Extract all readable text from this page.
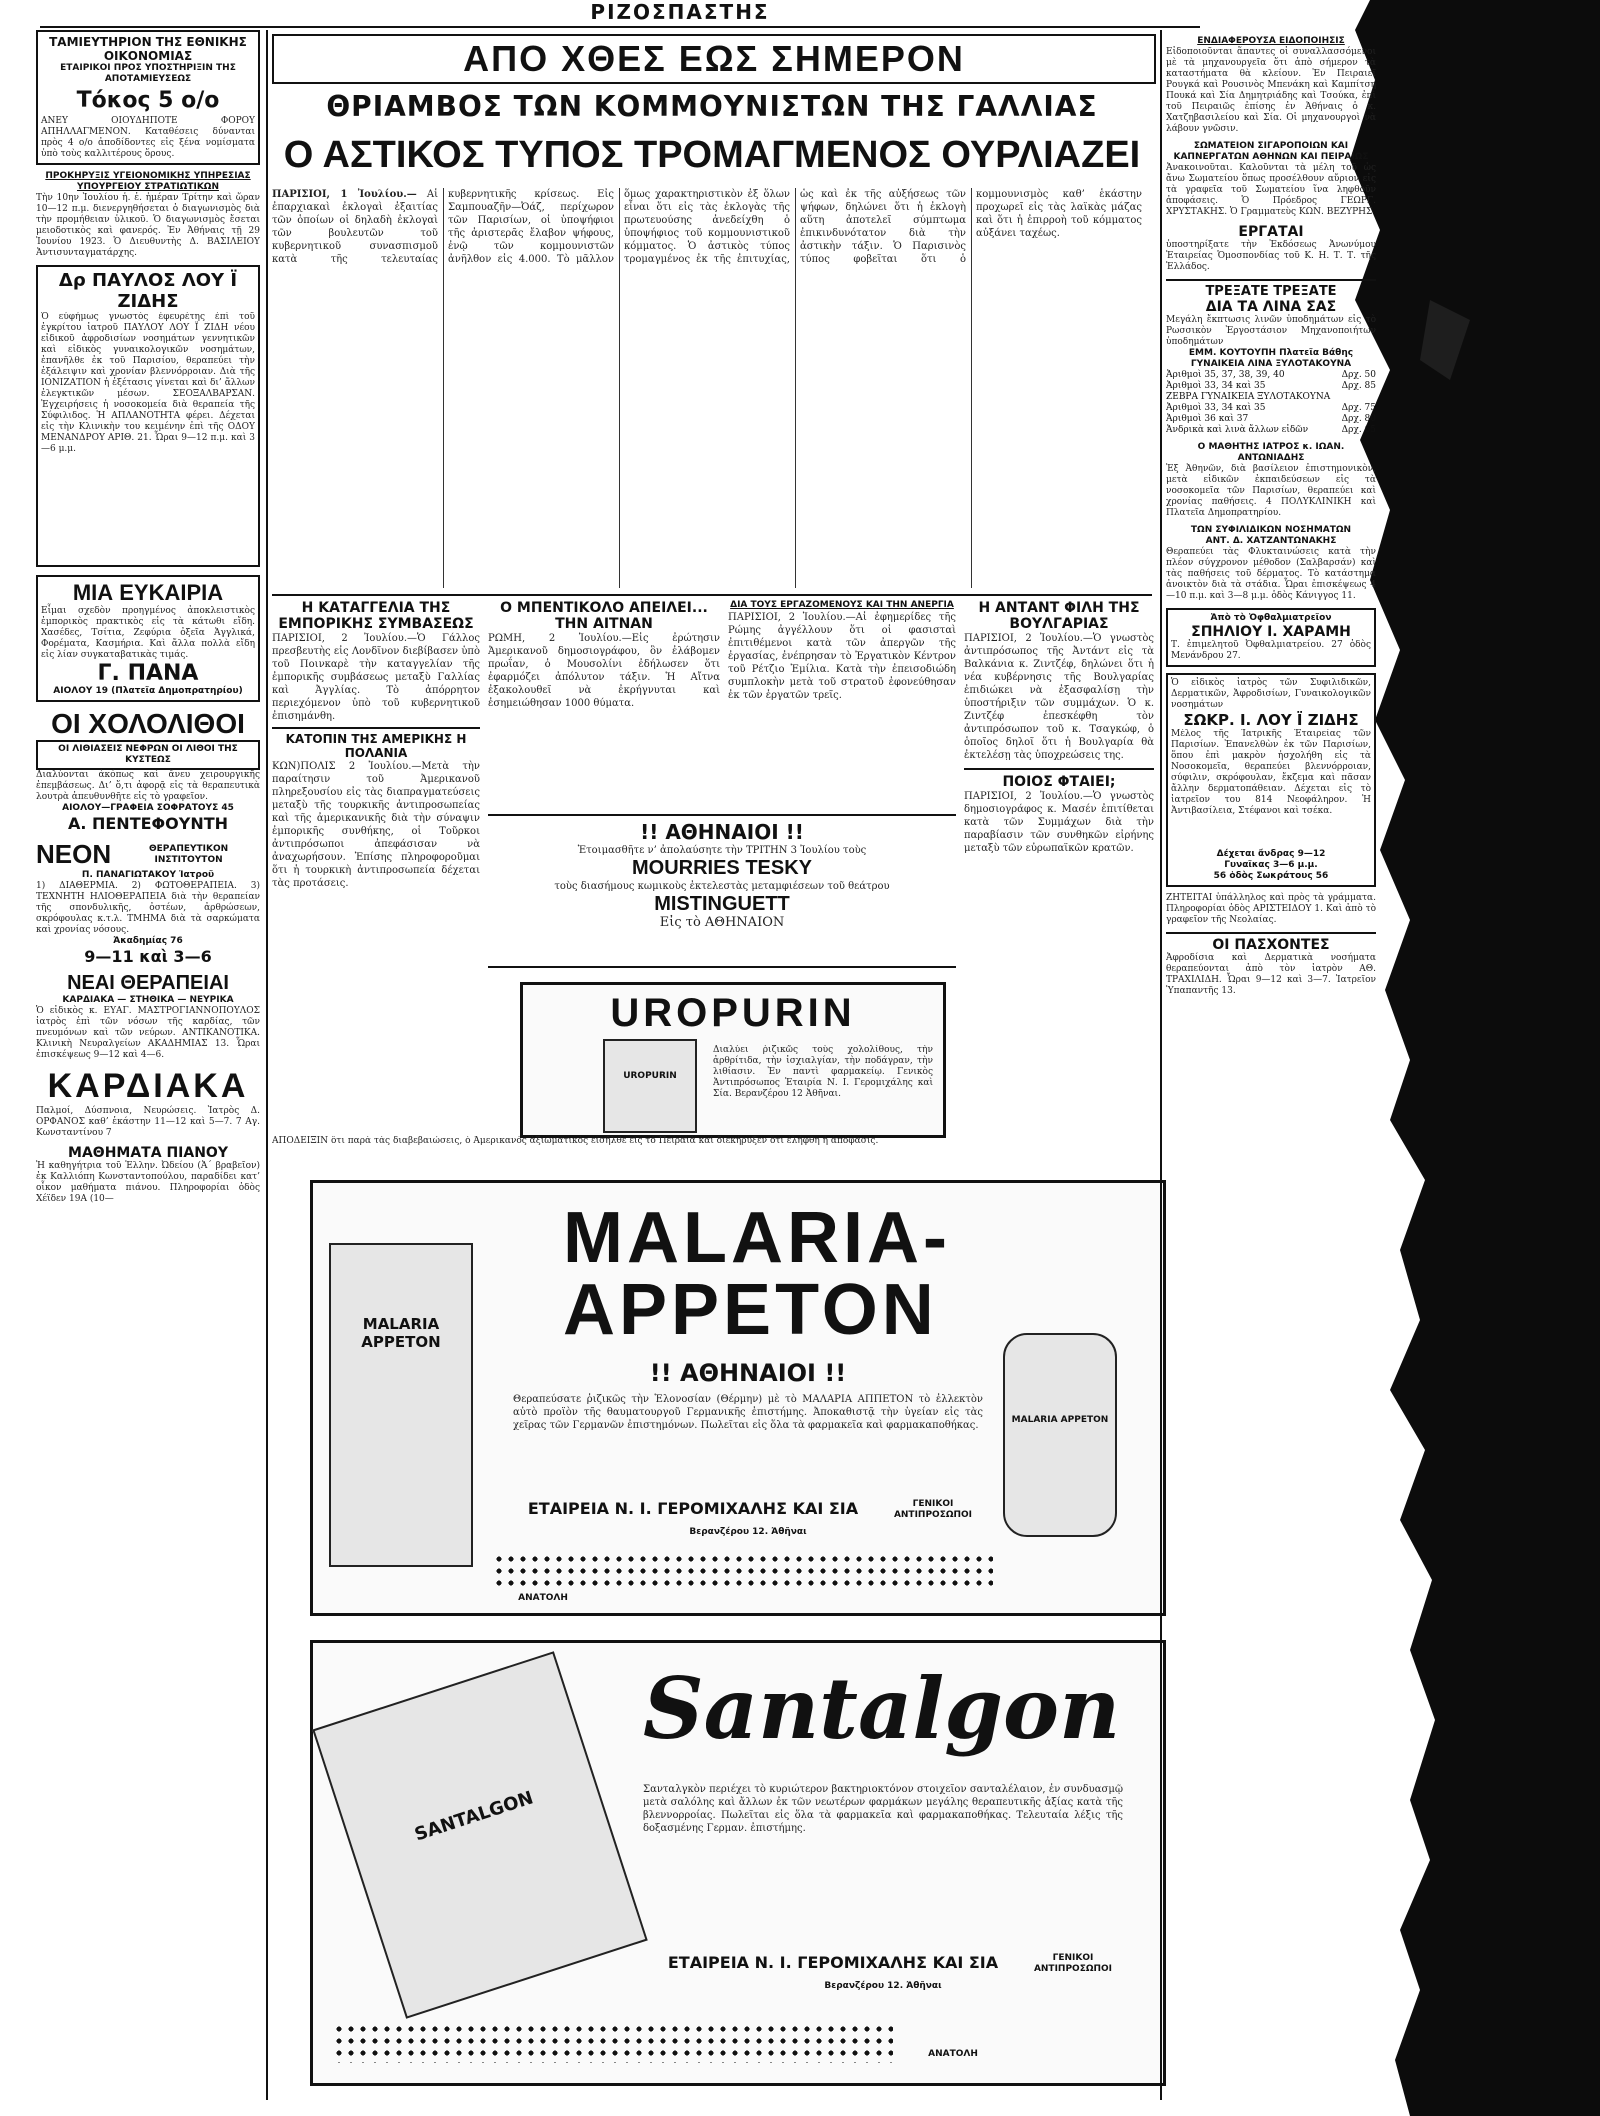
ΡΙΖΟΣΠΑΣΤΗΣ
ΤΑΜΙΕΥΤΗΡΙΟΝ ΤΗΣ ΕΘΝΙΚΗΣ ΟΙΚΟΝΟΜΙΑΣ
ΕΤΑΙΡΙΚΟΙ ΠΡΟΣ ΥΠΟΣΤΗΡΙΞΙΝ ΤΗΣ ΑΠΟΤΑΜΙΕΥΣΕΩΣ
Τόκος 5 ο/ο
ΑΝΕΥ ΟΙΟΥΔΗΠΟΤΕ ΦΟΡΟΥ ΑΠΗΛΛΑΓΜΕΝΟΝ. Καταθέσεις δύνανται πρὸς 4 ο/ο ἀποδίδοντες εἰς ξένα νομίσματα ὑπὸ τοὺς καλλιτέρους ὅρους.
ΠΡΟΚΗΡΥΞΙΣ ΥΓΕΙΟΝΟΜΙΚΗΣ ΥΠΗΡΕΣΙΑΣ ΥΠΟΥΡΓΕΙΟΥ ΣΤΡΑΤΙΩΤΙΚΩΝ
Τὴν 10ην Ἰουλίου ἡ. ἐ. ἡμέραν Τρίτην καὶ ὥραν 10—12 π.μ. διενεργηθήσεται ὁ διαγωνισμὸς διὰ τὴν προμήθειαν ὑλικοῦ. Ὁ διαγωνισμὸς ἔσεται μειοδοτικὸς καὶ φανερός. Ἐν Ἀθήναις τῇ 29 Ἰουνίου 1923. Ὁ Διευθυντὴς Δ. ΒΑΣΙΛΕΙΟΥ Ἀντισυνταγματάρχης.
Δρ ΠΑΥΛΟΣ ΛΟΥ Ϊ ΖΙΔΗΣ
Ὁ εὐφήμως γνωστὸς ἐφευρέτης ἐπὶ τοῦ ἐγκρίτου ἰατροῦ ΠΑΥΛΟΥ ΛΟΥ Ϊ ΖΙΔΗ νέου εἰδικοῦ ἀφροδισίων νοσημάτων γεννητικῶν καὶ εἰδικὸς γυναικολογικῶν νοσημάτων, ἐπανῆλθε ἐκ τοῦ Παρισίου, θεραπεύει τὴν ἐξάλειψιν καὶ χρονίαν βλεννόρροιαν. Διὰ τῆς ΙΟΝΙΖΑΤΙΟΝ ἡ ἐξέτασις γίνεται καὶ δι’ ἄλλων ἐλεγκτικῶν μέσων. ΣΕΟΞΑΛΒΑΡΣΑΝ. Ἐγχειρήσεις ἡ νοσοκομεία διὰ θεραπεία τῆς Σύφιλιδος. Ἡ ΑΠΛΑΝΟΤΗΤΑ φέρει. Δέχεται εἰς τὴν Κλινικὴν του κειμένην ἐπὶ τῆς ΟΔΟΥ ΜΕΝΑΝΔΡΟΥ ΑΡΙΘ. 21. Ὧραι 9—12 π.μ. καὶ 3—6 μ.μ.
ΜΙΑ ΕΥΚΑΙΡΙΑ
Εἶμαι σχεδὸν προηγμένος ἀποκλειστικὸς ἐμπορικὸς πρακτικὸς εἰς τὰ κάτωθι εἴδη. Χασέδες, Τσίτια, Ζεφύρια ὀξεῖα Ἀγγλικά, Φορέματα, Κασμήρια. Καὶ ἄλλα πολλὰ εἴδη εἰς λίαν συγκαταβατικὰς τιμάς.
Γ. ΠΑΝΑ
ΑΙΟΛΟΥ 19 (Πλατεῖα Δημοπρατηρίου)
ΟΙ ΧΟΛΟΛΙΘΟΙ
ΟΙ ΛΙΘΙΑΣΕΙΣ ΝΕΦΡΩΝ ΟΙ ΛΙΘΟΙ ΤΗΣ ΚΥΣΤΕΩΣ
Διαλύονται ἀκόπως καὶ ἄνευ χειρουργικῆς ἐπεμβάσεως. Δι’ ὅ,τι ἀφορᾷ εἰς τὰ θεραπευτικὰ λουτρὰ ἀπευθυνθῆτε εἰς τὸ γραφεῖον.
ΑΙΟΛΟΥ—ΓΡΑΦΕΙΑ ΣΟΦΡΑΤΟΥΣ 45
Α. ΠΕΝΤΕΦΟΥΝΤΗ
ΝΕΟΝ	ΘΕΡΑΠΕΥΤΙΚΟΝ ΙΝΣΤΙΤΟΥΤΟΝ
Π. ΠΑΝΑΓΙΩΤΑΚΟΥ Ἰατροῦ
1) ΔΙΑΘΕΡΜΙΑ. 2) ΦΩΤΟΘΕΡΑΠΕΙΑ. 3) ΤΕΧΝΗΤΗ ΗΛΙΟΘΕΡΑΠΕΙΑ διὰ τὴν θεραπείαν τῆς σπονδυλικῆς, ὀστέων, ἀρθρώσεων, σκρόφουλας κ.τ.λ. ΤΜΗΜΑ διὰ τὰ σαρκώματα καὶ χρονίας νόσους.
Ἀκαδημίας 76
9—11 καὶ 3—6
ΝΕΑΙ ΘΕΡΑΠΕΙΑΙ
ΚΑΡΔΙΑΚΑ — ΣΤΗΘΙΚΑ — ΝΕΥΡΙΚΑ
Ὁ εἰδικὸς κ. ΕΥΑΓ. ΜΑΣΤΡΟΓΙΑΝΝΟΠΟΥΛΟΣ ἰατρὸς ἐπὶ τῶν νόσων τῆς καρδίας, τῶν πνευμόνων καὶ τῶν νεύρων. ΑΝΤΙΚΑΝΟΤΙΚΑ. Κλινικὴ Νευραλγείων ΑΚΑΔΗΜΙΑΣ 13. Ὧραι ἐπισκέψεως 9—12 καὶ 4—6.
ΚΑΡΔΙΑΚΑ
Παλμοί, Δύσπνοια, Νευρώσεις. Ἰατρὸς Δ. ΟΡΦΑΝΟΣ καθ’ ἑκάστην 11—12 καὶ 5—7. 7 Αγ. Κωνσταντίνου 7
ΜΑΘΗΜΑΤΑ ΠΙΑΝΟΥ
Ἡ καθηγήτρια τοῦ Ἑλλην. Ὠδείου (Ἀ΄ βραβεῖον) ἐκ Καλλιόπη Κωνσταντοπούλου, παραδίδει κατ’ οἶκον μαθήματα πιάνου. Πληροφορίαι ὁδὸς Χέϊδεν 19Α (10—
ΑΠΟ ΧΘΕΣ ΕΩΣ ΣΗΜΕΡΟΝ
ΘΡΙΑΜΒΟΣ ΤΩΝ ΚΟΜΜΟΥΝΙΣΤΩΝ ΤΗΣ ΓΑΛΛΙΑΣ
Ο ΑΣΤΙΚΟΣ ΤΥΠΟΣ ΤΡΟΜΑΓΜΕΝΟΣ ΟΥΡΛΙΑΖΕΙ
ΠΑΡΙΣΙΟΙ, 1 Ἰουλίου.— Αἱ ἐπαρχιακαὶ ἐκλογαὶ ἐξαιτίας τῶν ὁποίων οἱ δηλαδὴ ἐκλογαὶ τῶν βουλευτῶν τοῦ κυβερνητικοῦ συνασπισμοῦ κατὰ τῆς τελευταίας κυβερνητικῆς κρίσεως. Εἰς Σαμπουαζῆν—Ὀάζ, περίχωρον τῶν Παρισίων, οἱ ὑποψήφιοι τῆς ἀριστερᾶς ἔλαβον ψήφους, ἐνῷ τῶν κομμουνιστῶν ἀνῆλθον εἰς 4.000. Τὸ μᾶλλον ὅμως χαρακτηριστικὸν ἐξ ὅλων εἶναι ὅτι εἰς τὰς ἐκλογὰς τῆς πρωτευούσης ἀνεδείχθη ὁ ὑποψήφιος τοῦ κομμουνιστικοῦ κόμματος. Ὁ ἀστικὸς τύπος τρομαγμένος ἐκ τῆς ἐπιτυχίας, ὡς καὶ ἐκ τῆς αὐξήσεως τῶν ψήφων, δηλώνει ὅτι ἡ ἐκλογὴ αὕτη ἀποτελεῖ σύμπτωμα ἐπικινδυνότατον διὰ τὴν ἀστικὴν τάξιν. Ὁ Παρισινὸς τύπος φοβεῖται ὅτι ὁ κομμουνισμὸς καθ’ ἑκάστην προχωρεῖ εἰς τὰς λαϊκὰς μάζας καὶ ὅτι ἡ ἐπιρροὴ τοῦ κόμματος αὐξάνει ταχέως.
Η ΚΑΤΑΓΓΕΛΙΑ ΤΗΣ ΕΜΠΟΡΙΚΗΣ ΣΥΜΒΑΣΕΩΣ
ΠΑΡΙΣΙΟΙ, 2 Ἰουλίου.—Ὁ Γάλλος πρεσβευτὴς εἰς Λονδῖνον διεβίβασεν ὑπὸ τοῦ Ποινκαρὲ τὴν καταγγελίαν τῆς ἐμπορικῆς συμβάσεως μεταξὺ Γαλλίας καὶ Ἀγγλίας. Τὸ ἀπόρρητον περιεχόμενον ὑπὸ τοῦ κυβερνητικοῦ ἐπισημάνθη.
ΚΑΤΟΠΙΝ ΤΗΣ ΑΜΕΡΙΚΗΣ Η ΠΟΛΑΝΙΑ
ΚΩΝ)ΠΟΛΙΣ 2 Ἰουλίου.—Μετὰ τὴν παραίτησιν τοῦ Ἀμερικανοῦ πληρεξουσίου εἰς τὰς διαπραγματεύσεις μεταξὺ τῆς τουρκικῆς ἀντιπροσωπείας καὶ τῆς ἀμερικανικῆς διὰ τὴν σύναψιν ἐμπορικῆς συνθήκης, οἱ Τοῦρκοι ἀντιπρόσωποι ἀπεφάσισαν νὰ ἀναχωρήσουν. Ἐπίσης πληροφοροῦμαι ὅτι ἡ τουρκικὴ ἀντιπροσωπεία δέχεται τὰς προτάσεις.
Ο ΜΠΕΝΤΙΚΟΛΟ ΑΠΕΙΛΕΙ... ΤΗΝ ΑΙΤΝΑΝ
ΡΩΜΗ, 2 Ἰουλίου.—Εἰς ἐρώτησιν Ἀμερικανοῦ δημοσιογράφου, ὃν ἐλάβομεν πρωΐαν, ὁ Μουσολίνι ἐδήλωσεν ὅτι ἐφαρμόζει ἀπόλυτον τάξιν. Ἡ Αἴτνα ἐξακολουθεῖ νὰ ἐκρήγνυται καὶ ἐσημειώθησαν 1000 θύματα.
ΔΙΑ ΤΟΥΣ ΕΡΓΑΖΟΜΕΝΟΥΣ ΚΑΙ ΤΗΝ ΑΝΕΡΓΙΑ
ΠΑΡΙΣΙΟΙ, 2 Ἰουλίου.—Αἱ ἐφημερίδες τῆς Ρώμης ἀγγέλλουν ὅτι οἱ φασισταὶ ἐπιτιθέμενοι κατὰ τῶν ἀπεργῶν τῆς ἐργασίας, ἐνέπρησαν τὸ Ἐργατικὸν Κέντρον τοῦ Ρέτζιο Ἐμίλια. Κατὰ τὴν ἐπεισοδιώδη συμπλοκὴν μετὰ τοῦ στρατοῦ ἐφονεύθησαν ἐκ τῶν ἐργατῶν τρεῖς.
Η ΑΝΤΑΝΤ ΦΙΛΗ ΤΗΣ ΒΟΥΛΓΑΡΙΑΣ
ΠΑΡΙΣΙΟΙ, 2 Ἰουλίου.—Ὁ γνωστὸς ἀντιπρόσωπος τῆς Ἀντάντ εἰς τὰ Βαλκάνια κ. Ζιντζέφ, δηλώνει ὅτι ἡ νέα κυβέρνησις τῆς Βουλγαρίας ἐπιδιώκει νὰ ἐξασφαλίσῃ τὴν ὑποστήριξιν τῶν συμμάχων. Ὁ κ. Ζιντζέφ ἐπεσκέφθη τὸν ἀντιπρόσωπον τοῦ κ. Τσαγκώφ, ὁ ὁποῖος δηλοῖ ὅτι ἡ Βουλγαρία θὰ ἐκτελέσῃ τὰς ὑποχρεώσεις της.
ΠΟΙΟΣ ΦΤΑΙΕΙ;
ΠΑΡΙΣΙΟΙ, 2 Ἰουλίου.—Ὁ γνωστὸς δημοσιογράφος κ. Μασέν ἐπιτίθεται κατὰ τῶν Συμμάχων διὰ τὴν παραβίασιν τῶν συνθηκῶν εἰρήνης μεταξὺ τῶν εὐρωπαϊκῶν κρατῶν.
!! ΑΘΗΝΑΙΟΙ !!
Ἑτοιμασθῆτε ν’ ἀπολαύσητε τὴν ΤΡΙΤΗΝ 3 Ἰουλίου τοὺς
MOURRIES TESKY
τοὺς διασήμους κωμικοὺς ἐκτελεστὰς μεταμφιέσεων τοῦ θεάτρου
MISTINGUETT
Εἰς τὸ ΑΘΗΝΑΙΟΝ
UROPURIN
UROPURIN
Διαλύει ῥιζικῶς τοὺς χολολίθους, τὴν ἀρθρίτιδα, τὴν ἰσχιαλγίαν, τὴν ποδάγραν, τὴν λιθίασιν. Ἐν παντὶ φαρμακείῳ. Γενικὸς Ἀντιπρόσωπος Ἑταιρία Ν. Ι. Γερομιχάλης καὶ Σία. Βερανζέρου 12 Ἀθῆναι.
ΑΠΟΔΕΙΞΙΝ ὅτι παρὰ τὰς διαβεβαιώσεις, ὁ Ἀμερικανὸς ἀξιωματικὸς εἰσῆλθε εἰς τὸ Πειραιὰ καὶ διεκήρυξεν ὅτι ἐλήφθη ἡ ἀπόφασις.
MALARIA-
APPETON
MALARIA APPETON
MALARIA APPETON
!! ΑΘΗΝΑΙΟΙ !!
Θεραπεύσατε ῥιζικῶς τὴν Ἑλονοσίαν (Θέρμην) μὲ τὸ ΜΑΛΑΡΙΑ ΑΠΠΕΤΟΝ τὸ ἐλλεκτὸν αὐτὸ προϊὸν τῆς θαυματουργοῦ Γερμανικῆς ἐπιστήμης. Ἀποκαθιστᾷ τὴν ὑγείαν εἰς τὰς χεῖρας τῶν Γερμανῶν ἐπιστημόνων. Πωλεῖται εἰς ὅλα τὰ φαρμακεῖα καὶ φαρμακαποθήκας.
ΕΤΑΙΡΕΙΑ Ν. Ι. ΓΕΡΟΜΙΧΑΛΗΣ ΚΑΙ ΣΙΑ	ΓΕΝΙΚΟΙ ΑΝΤΙΠΡΟΣΩΠΟΙ
Βερανζέρου 12. Ἀθῆναι
ΑΝΑΤΟΛΗ
Santalgon
SANTALGON	Σανταλγκὸν περιέχει τὸ κυριώτερον βακτηριοκτόνον στοιχεῖον σανταλέλαιον, ἐν συνδυασμῷ μετὰ σαλόλης καὶ ἄλλων ἐκ τῶν νεωτέρων φαρμάκων μεγάλης θεραπευτικῆς ἀξίας κατὰ τῆς βλεννορροίας. Πωλεῖται εἰς ὅλα τὰ φαρμακεῖα καὶ φαρμακαποθήκας. Τελευταία λέξις τῆς δοξασμένης Γερμαν. ἐπιστήμης.
ΕΤΑΙΡΕΙΑ Ν. Ι. ΓΕΡΟΜΙΧΑΛΗΣ ΚΑΙ ΣΙΑ	ΓΕΝΙΚΟΙ ΑΝΤΙΠΡΟΣΩΠΟΙ
Βερανζέρου 12. Ἀθῆναι
ΑΝΑΤΟΛΗ
ΕΝΔΙΑΦΕΡΟΥΣΑ ΕΙΔΟΠΟΙΗΣΙΣ
Εἰδοποιοῦνται ἅπαντες οἱ συναλλασσόμενοι μὲ τὰ μηχανουργεῖα ὅτι ἀπὸ σήμερον τὰ καταστήματα θὰ κλείουν. Ἐν Πειραιεῖ Ρουγκά καὶ Ρουσινὸς Μπενάκη καὶ Καμπίτση Πουκά καὶ Σία Δημητριάδης καὶ Τσούκα, ἐπὶ τοῦ Πειραιῶς ἐπίσης ἐν Ἀθήναις ὁ κ. Χατζηβασιλείου καὶ Σία. Οἱ μηχανουργοὶ νὰ λάβουν γνῶσιν.
ΣΩΜΑΤΕΙΟΝ ΣΙΓΑΡΟΠΟΙΩΝ ΚΑΙ ΚΑΠΝΕΡΓΑΤΩΝ ΑΘΗΝΩΝ ΚΑΙ ΠΕΙΡΑΙΩΣ
Ἀνακοινοῦται. Καλοῦνται τὰ μέλη τοῦ ὡς ἄνω Σωματείου ὅπως προσέλθουν αὔριον εἰς τὰ γραφεῖα τοῦ Σωματείου ἵνα ληφθοῦν ἀποφάσεις. Ὁ Πρόεδρος ΓΕΩΡΓ. ΧΡΥΣΤΑΚΗΣ. Ὁ Γραμματεὺς ΚΩΝ. ΒΕΖΥΡΗΣ
ΕΡΓΑΤΑΙ
ὑποστηρίξατε τὴν Ἐκδόσεως Ἀνωνύμου Ἑταιρείας Ὁμοσπονδίας τοῦ Κ. Η. Τ. Τ. τῆς Ἑλλάδος.
ΤΡΕΞΑΤΕ ΤΡΕΞΑΤΕ
ΔΙΑ ΤΑ ΛΙΝΑ ΣΑΣ
Μεγάλη ἔκπτωσις λινῶν ὑποδημάτων εἰς τὸ Ρωσσικὸν Ἐργοστάσιον Μηχανοποιήτων ὑποδημάτων
ΕΜΜ. ΚΟΥΤΟΥΠΗ Πλατεῖα Βάθης
ΓΥΝΑΙΚΕΙΑ ΛΙΝΑ ΞΥΛΟΤΑΚΟΥΝΑ
Ἀριθμοὶ 35, 37, 38, 39, 40	Δρχ. 50
Ἀριθμοὶ 33, 34 καὶ 35	Δρχ. 85
ΖΕΒΡΑ ΓΥΝΑΙΚΕΙΑ ΞΥΛΟΤΑΚΟΥΝΑ
Ἀριθμοὶ 33, 34 καὶ 35	Δρχ. 75
Ἀριθμοὶ 36 καὶ 37	Δρχ. 80
Ἀνδρικὰ καὶ λινὰ ἄλλων εἰδῶν	Δρχ. 65
Ο ΜΑΘΗΤΗΣ ΙΑΤΡΟΣ κ. ΙΩΑΝ. ΑΝΤΩΝΙΑΔΗΣ
Ἐξ Ἀθηνῶν, διὰ βασίλειον ἐπιστημονικὸν, μετὰ εἰδικῶν ἐκπαιδεύσεων εἰς τὰ νοσοκομεῖα τῶν Παρισίων, θεραπεύει καὶ χρονίας παθήσεις. 4 ΠΟΛΥΚΛΙΝΙΚΗ καὶ Πλατεῖα Δημοπρατηρίου.
ΤΩΝ ΣΥΦΙΛΙΔΙΚΩΝ ΝΟΣΗΜΑΤΩΝ
ΑΝΤ. Δ. ΧΑΤΖΑΝΤΩΝΑΚΗΣ
Θεραπεύει τὰς Φλυκταινώσεις κατὰ τὴν πλέον σύγχρονον μέθοδον (Σαλβαρσάν) καὶ τὰς παθήσεις τοῦ δέρματος. Τὸ κατάστημα ἀνοικτὸν διὰ τὰ στάδια. Ὧραι ἐπισκέψεως 4—10 π.μ. καὶ 3—8 μ.μ. ὁδὸς Κάνιγγος 11.
Ἀπὸ τὸ Ὀφθαλμιατρεῖον
ΣΠΗΛΙΟΥ Ι. ΧΑΡΑΜΗ
Τ. ἐπιμελητοῦ Ὀφθαλμιατρείου. 27 ὁδὸς Μενάνδρου 27.
Ὁ εἰδικὸς ἰατρὸς τῶν Συφιλιδικῶν, Δερματικῶν, Ἀφροδισίων, Γυναικολογικῶν νοσημάτων
ΣΩΚΡ. Ι. ΛΟΥ Ϊ ΖΙΔΗΣ
Μέλος τῆς Ἰατρικῆς Ἑταιρείας τῶν Παρισίων. Ἐπανελθὼν ἐκ τῶν Παρισίων, ὅπου ἐπὶ μακρὸν ἠσχολήθη εἰς τὰ Νοσοκομεῖα, θεραπεύει βλεννόρροιαν, σύφιλιν, σκρόφουλαν, ἔκζεμα καὶ πᾶσαν ἄλλην δερματοπάθειαν. Δέχεται εἰς τὸ ἰατρεῖον του 814 Νεοφάληρον. Ἡ Ἀντιβασίλεια, Στέφανοι καὶ τσέκα.
Δέχεται ἄνδρας 9—12
Γυναῖκας 3—6 μ.μ.
56 ὁδὸς Σωκράτους 56
ΖΗΤΕΙΤΑΙ ὑπάλληλος καὶ πρὸς τὰ γράμματα. Πληροφορίαι ὁδὸς ΑΡΙΣΤΕΙΔΟΥ 1. Καὶ ἀπὸ τὸ γραφεῖον τῆς Νεολαίας.
ΟΙ ΠΑΣΧΟΝΤΕΣ
Ἀφροδίσια καὶ Δερματικὰ νοσήματα θεραπεύονται ἀπὸ τὸν ἰατρὸν ΑΘ. ΤΡΑΧΙΛΙΔΗ. Ὧραι 9—12 καὶ 3—7. Ἰατρεῖον Ὑπαπαντῆς 13.
